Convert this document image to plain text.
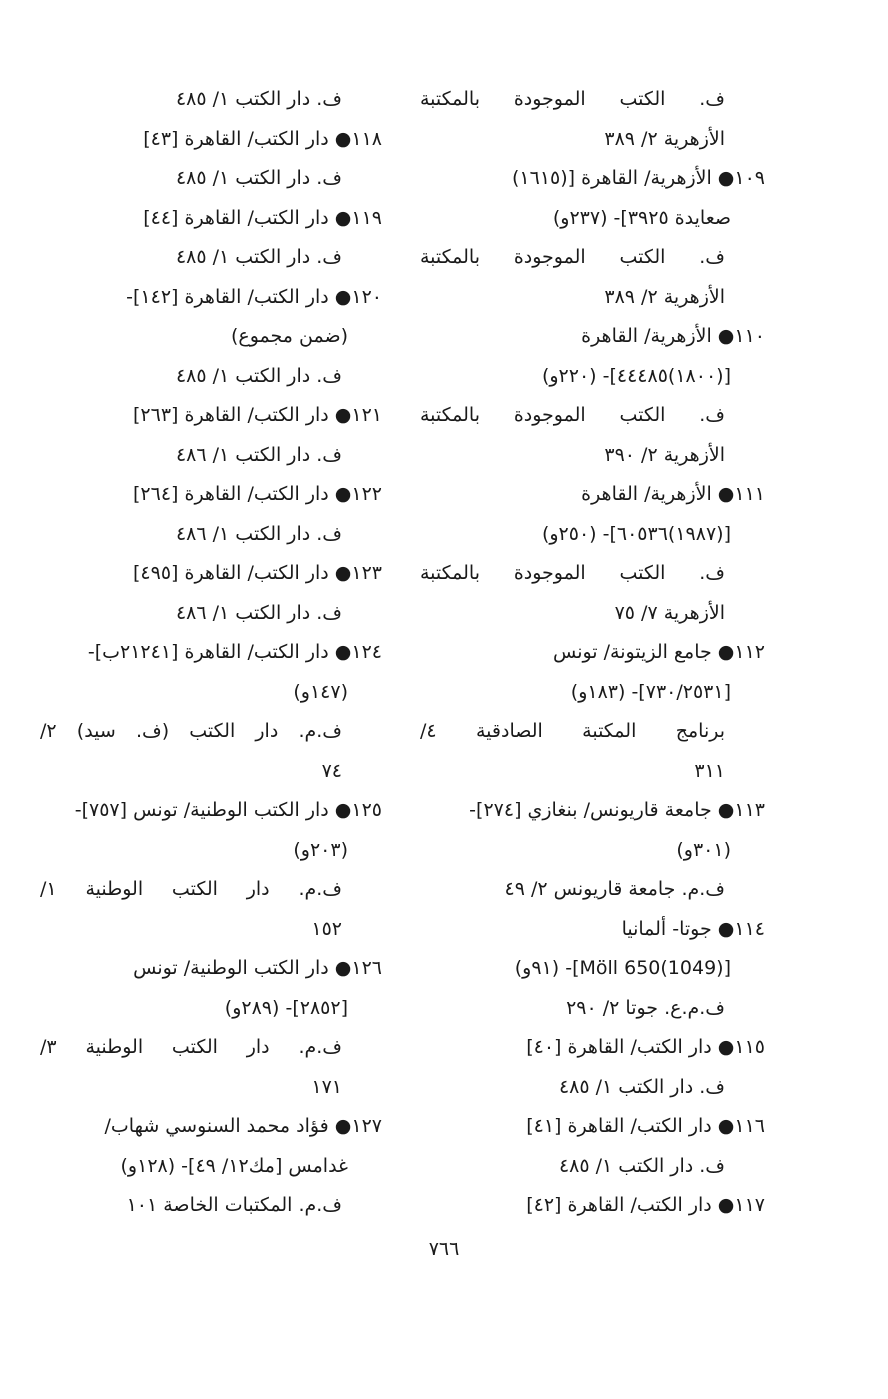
ف. الكتب الموجودة بالمكتبة
الأزهرية ٢/ ٣٨٩
١٠٩● الأزهرية/ القاهرة [(١٦١٥)
صعايدة ٣٩٢٥]- (٢٣٧و)
ف. الكتب الموجودة بالمكتبة
الأزهرية ٢/ ٣٨٩
١١٠● الأزهرية/ القاهرة
[(١٨٠٠)٤٤٤٨٥]- (٢٢٠و)
ف. الكتب الموجودة بالمكتبة
الأزهرية ٢/ ٣٩٠
١١١● الأزهرية/ القاهرة
[(١٩٨٧)٦٠٥٣٦]- (٢٥٠و)
ف. الكتب الموجودة بالمكتبة
الأزهرية ٧/ ٧٥
١١٢● جامع الزيتونة/ تونس
[٧٣٠/٢٥٣١]- (١٨٣و)
برنامج المكتبة الصادقية ٤/
٣١١
١١٣● جامعة قاريونس/ بنغازي [٢٧٤]-
(٣٠١و)
ف.م. جامعة قاريونس ٢/ ٤٩
١١٤● جوتا- ألمانيا
[Möll 650(1049)]- (٩١و)
ف.م.ع. جوتا ٢/ ٢٩٠
١١٥● دار الكتب/ القاهرة [٤٠]
ف. دار الكتب ١/ ٤٨٥
١١٦● دار الكتب/ القاهرة [٤١]
ف. دار الكتب ١/ ٤٨٥
١١٧● دار الكتب/ القاهرة [٤٢]
ف. دار الكتب ١/ ٤٨٥
١١٨● دار الكتب/ القاهرة [٤٣]
ف. دار الكتب ١/ ٤٨٥
١١٩● دار الكتب/ القاهرة [٤٤]
ف. دار الكتب ١/ ٤٨٥
١٢٠● دار الكتب/ القاهرة [١٤٢]-
(ضمن مجموع)
ف. دار الكتب ١/ ٤٨٥
١٢١● دار الكتب/ القاهرة [٢٦٣]
ف. دار الكتب ١/ ٤٨٦
١٢٢● دار الكتب/ القاهرة [٢٦٤]
ف. دار الكتب ١/ ٤٨٦
١٢٣● دار الكتب/ القاهرة [٤٩٥]
ف. دار الكتب ١/ ٤٨٦
١٢٤● دار الكتب/ القاهرة [٢١٢٤١ب]-
(١٤٧و)
ف.م. دار الكتب (ف. سيد) ٢/
٧٤
١٢٥● دار الكتب الوطنية/ تونس [٧٥٧]-
(٢٠٣و)
ف.م. دار الكتب الوطنية ١/
١٥٢
١٢٦● دار الكتب الوطنية/ تونس
[٢٨٥٢]- (٢٨٩و)
ف.م. دار الكتب الوطنية ٣/
١٧١
١٢٧● فؤاد محمد السنوسي شهاب/
غدامس [مك١٢/ ٤٩]- (١٢٨و)
ف.م. المكتبات الخاصة ١٠١
٧٦٦
